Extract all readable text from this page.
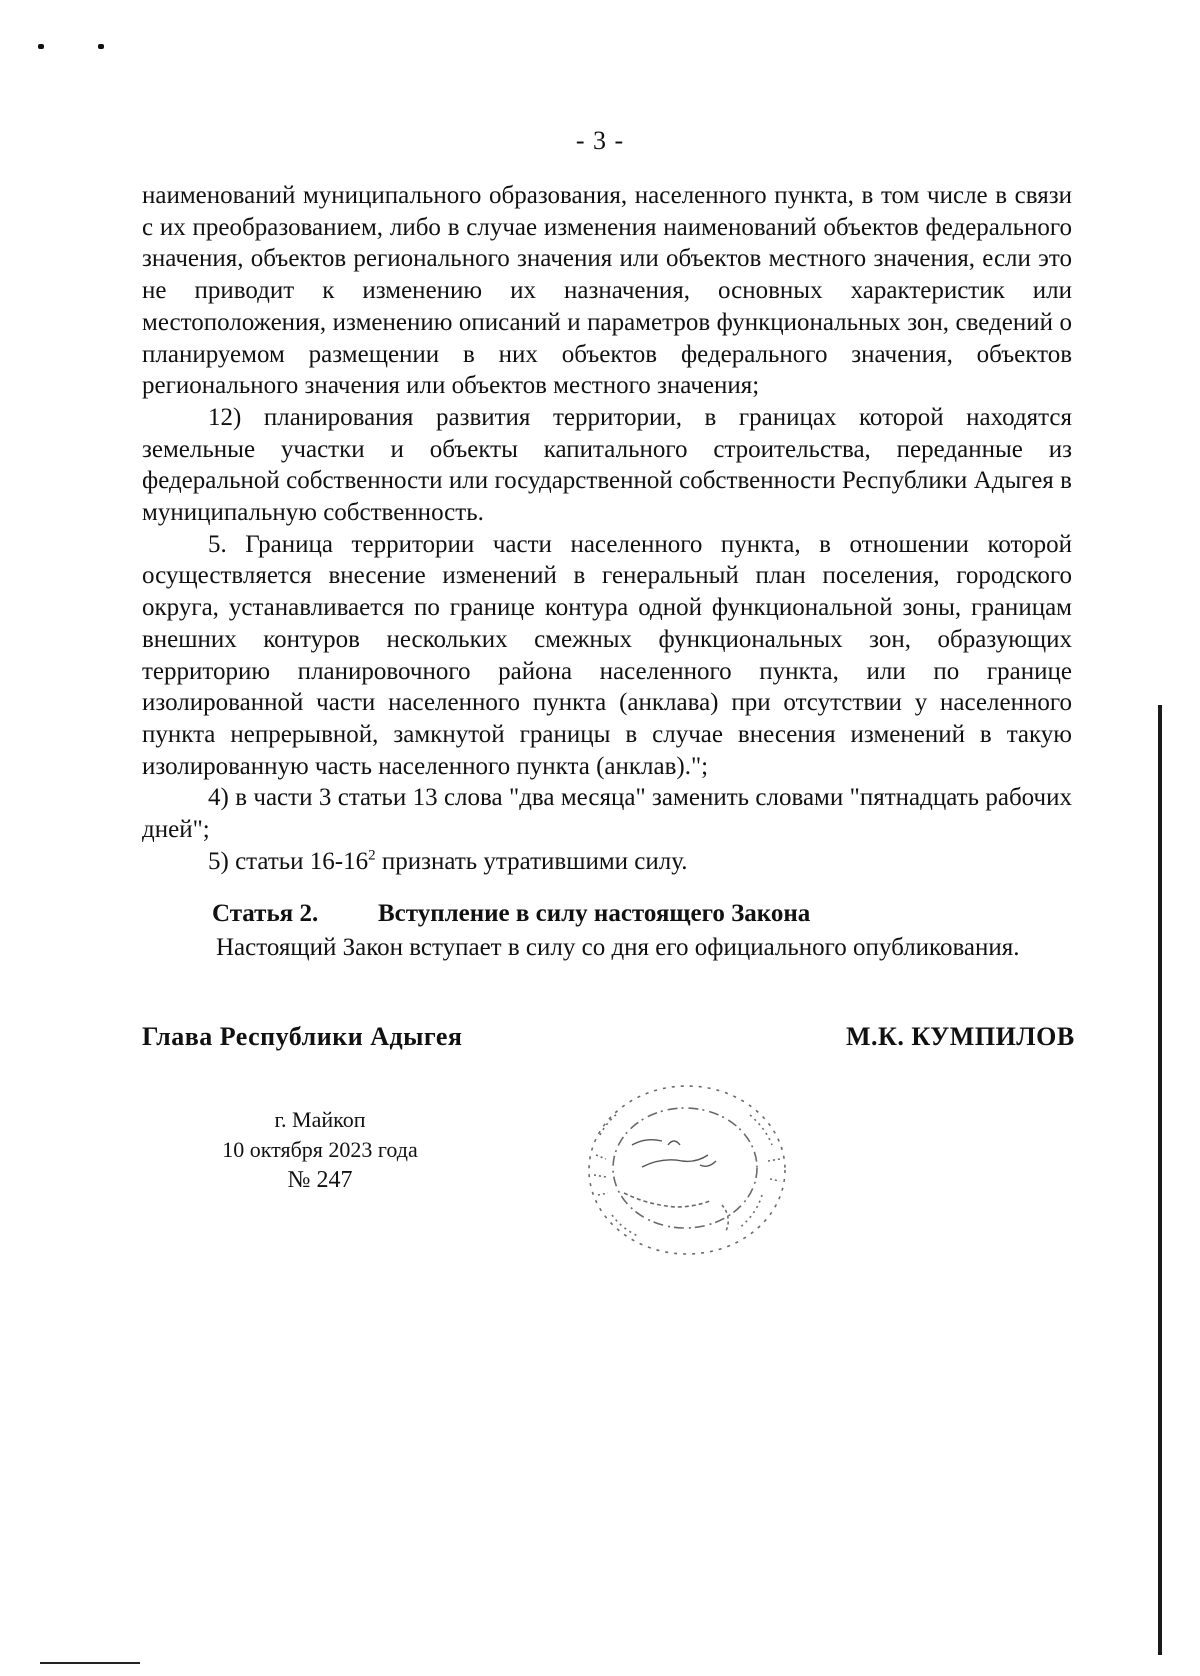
- 3 -

наименований муниципального образования, населенного пункта, в том числе в связи с их преобразованием, либо в случае изменения наименований объектов федерального значения, объектов регионального значения или объектов местного значения, если это не приводит к изменению их назначения, основных характеристик или местоположения, изменению описаний и параметров функциональных зон, сведений о планируемом размещении в них объектов федерального значения, объектов регионального значения или объектов местного значения;

12) планирования развития территории, в границах которой находятся земельные участки и объекты капитального строительства, переданные из федеральной собственности или государственной собственности Республики Адыгея в муниципальную собственность.

5. Граница территории части населенного пункта, в отношении которой осуществляется внесение изменений в генеральный план поселения, городского округа, устанавливается по границе контура одной функциональной зоны, границам внешних контуров нескольких смежных функциональных зон, образующих территорию планировочного района населенного пункта, или по границе изолированной части населенного пункта (анклава) при отсутствии у населенного пункта непрерывной, замкнутой границы в случае внесения изменений в такую изолированную часть населенного пункта (анклав).";

4) в части 3 статьи 13 слова "два месяца" заменить словами "пятнадцать рабочих дней";

5) статьи $16-16^2$ признать утратившими силу.

Статья 2. Вступление в силу настоящего Закона
Настоящий Закон вступает в силу со дня его официального опубликования.
Глава Республики Адыгея	М.К. КУМПИЛОВ
г. Майкоп
10 октября 2023 года
№ 247
